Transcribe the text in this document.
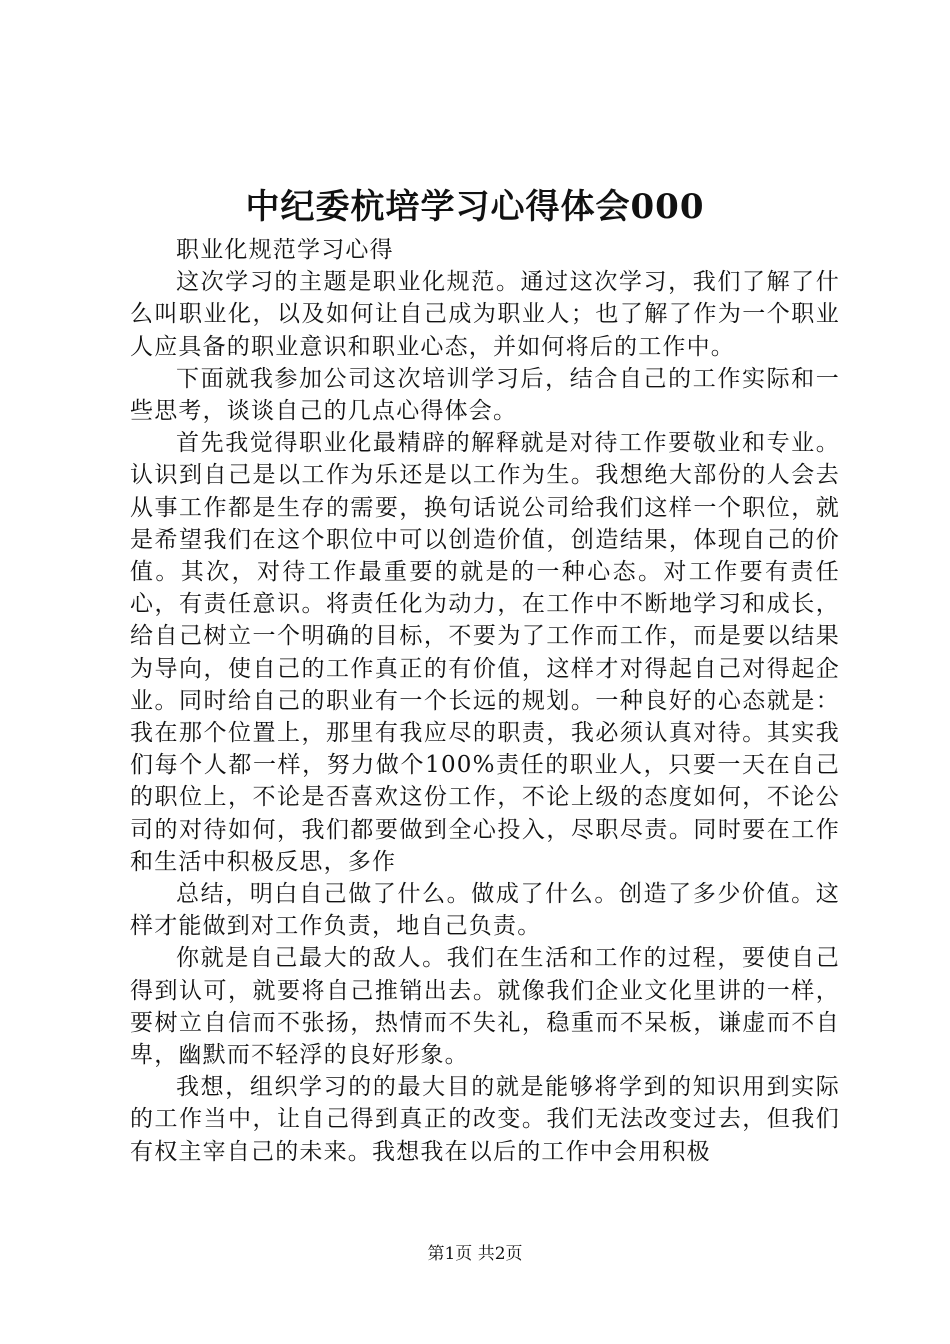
中纪委杭培学习心得体会000

职业化规范学习心得

这次学习的主题是职业化规范。通过这次学习，我们了解了什么叫职业化，以及如何让自己成为职业人；也了解了作为一个职业人应具备的职业意识和职业心态，并如何将后的工作中。

下面就我参加公司这次培训学习后，结合自己的工作实际和一些思考，谈谈自己的几点心得体会。

首先我觉得职业化最精辟的解释就是对待工作要敬业和专业。认识到自己是以工作为乐还是以工作为生。我想绝大部份的人会去从事工作都是生存的需要，换句话说公司给我们这样一个职位，就是希望我们在这个职位中可以创造价值，创造结果，体现自己的价值。其次，对待工作最重要的就是的一种心态。对工作要有责任心，有责任意识。将责任化为动力，在工作中不断地学习和成长，给自己树立一个明确的目标，不要为了工作而工作，而是要以结果为导向，使自己的工作真正的有价值，这样才对得起自己对得起企业。同时给自己的职业有一个长远的规划。一种良好的心态就是：我在那个位置上，那里有我应尽的职责，我必须认真对待。其实我们每个人都一样，努力做个100%责任的职业人，只要一天在自己的职位上，不论是否喜欢这份工作，不论上级的态度如何，不论公司的对待如何，我们都要做到全心投入，尽职尽责。同时要在工作和生活中积极反思，多作

总结，明白自己做了什么。做成了什么。创造了多少价值。这样才能做到对工作负责，地自己负责。

你就是自己最大的敌人。我们在生活和工作的过程，要使自己得到认可，就要将自己推销出去。就像我们企业文化里讲的一样，要树立自信而不张扬，热情而不失礼，稳重而不呆板，谦虚而不自卑，幽默而不轻浮的良好形象。

我想，组织学习的的最大目的就是能够将学到的知识用到实际的工作当中，让自己得到真正的改变。我们无法改变过去，但我们有权主宰自己的未来。我想我在以后的工作中会用积极

第1页 共2页
